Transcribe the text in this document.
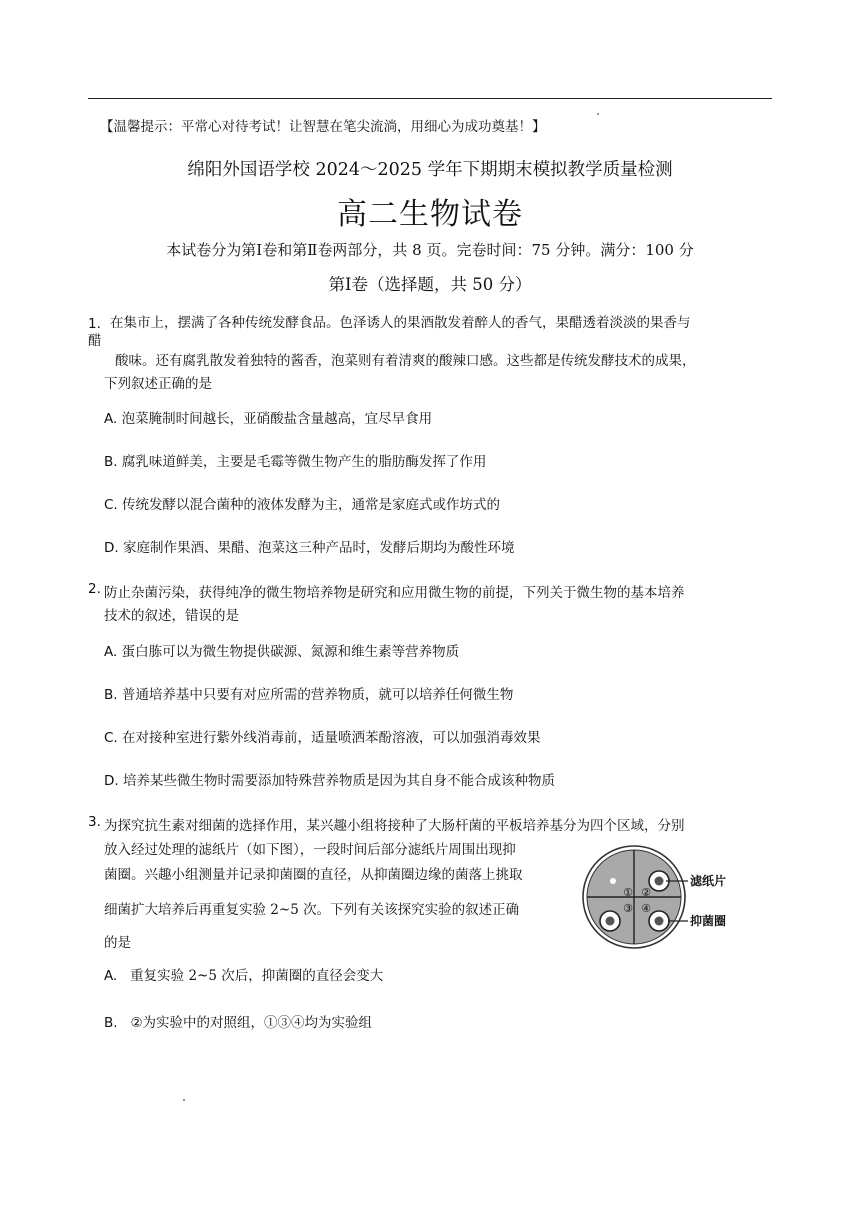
【温馨提示：平常心对待考试！让智慧在笔尖流淌，用细心为成功奠基！】
绵阳外国语学校 2024～2025 学年下期期末模拟教学质量检测
高二生物试卷
本试卷分为第Ⅰ卷和第Ⅱ卷两部分，共 8 页。完卷时间：75 分钟。满分：100 分
第Ⅰ卷（选择题，共 50 分）
1.
醋
在集市上，摆满了各种传统发酵食品。色泽诱人的果酒散发着醉人的香气，果醋透着淡淡的果香与
酸味。还有腐乳散发着独特的酱香，泡菜则有着清爽的酸辣口感。这些都是传统发酵技术的成果，
下列叙述正确的是
A. 泡菜腌制时间越长，亚硝酸盐含量越高，宜尽早食用
B. 腐乳味道鲜美，主要是毛霉等微生物产生的脂肪酶发挥了作用
C. 传统发酵以混合菌种的液体发酵为主，通常是家庭式或作坊式的
D. 家庭制作果酒、果醋、泡菜这三种产品时，发酵后期均为酸性环境
2. 防止杂菌污染，获得纯净的微生物培养物是研究和应用微生物的前提，下列关于微生物的基本培养
技术的叙述，错误的是
A. 蛋白胨可以为微生物提供碳源、氮源和维生素等营养物质
B. 普通培养基中只要有对应所需的营养物质，就可以培养任何微生物
C. 在对接种室进行紫外线消毒前，适量喷洒苯酚溶液，可以加强消毒效果
D. 培养某些微生物时需要添加特殊营养物质是因为其自身不能合成该种物质
3. 为探究抗生素对细菌的选择作用，某兴趣小组将接种了大肠杆菌的平板培养基分为四个区域，分别
放入经过处理的滤纸片（如下图），一段时间后部分滤纸片周围出现抑
菌圈。兴趣小组测量并记录抑菌圈的直径，从抑菌圈边缘的菌落上挑取
细菌扩大培养后再重复实验 2~5 次。下列有关该探究实验的叙述正确
的是
A. 重复实验 2~5 次后，抑菌圈的直径会变大
B. ②为实验中的对照组，①③④均为实验组
① ②
③ ④
滤纸片
抑菌圈
